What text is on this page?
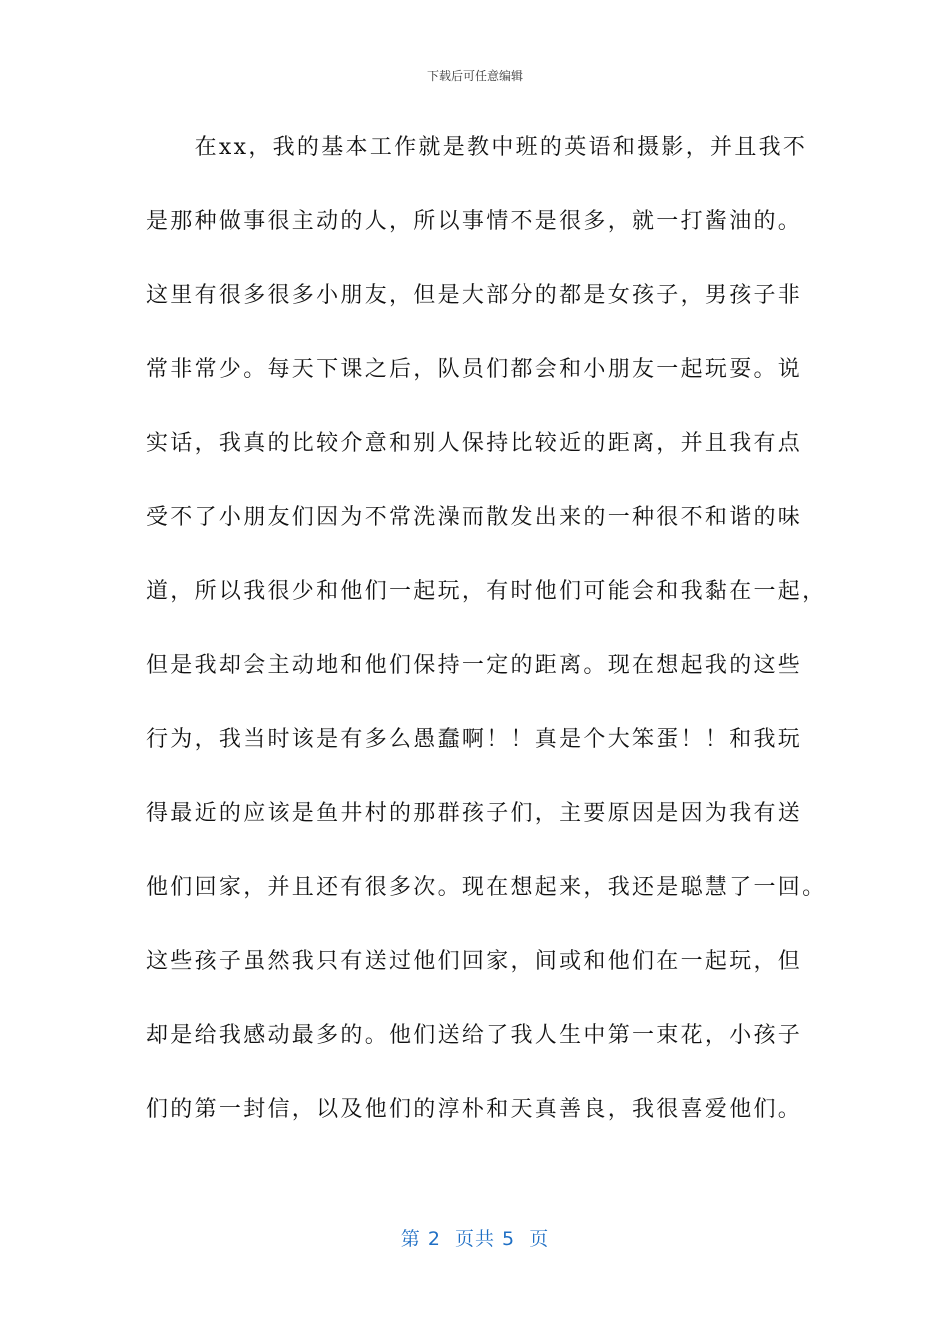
下载后可任意编辑
　　在xx，我的基本工作就是教中班的英语和摄影，并且我不
是那种做事很主动的人，所以事情不是很多，就一打酱油的。
这里有很多很多小朋友，但是大部分的都是女孩子，男孩子非
常非常少。每天下课之后，队员们都会和小朋友一起玩耍。说
实话，我真的比较介意和别人保持比较近的距离，并且我有点
受不了小朋友们因为不常洗澡而散发出来的一种很不和谐的味
道，所以我很少和他们一起玩，有时他们可能会和我黏在一起，
但是我却会主动地和他们保持一定的距离。现在想起我的这些
行为，我当时该是有多么愚蠢啊！！真是个大笨蛋！！和我玩
得最近的应该是鱼井村的那群孩子们，主要原因是因为我有送
他们回家，并且还有很多次。现在想起来，我还是聪慧了一回。
这些孩子虽然我只有送过他们回家，间或和他们在一起玩，但
却是给我感动最多的。他们送给了我人生中第一束花，小孩子
们的第一封信，以及他们的淳朴和天真善良，我很喜爱他们。
第 2  页共 5  页
